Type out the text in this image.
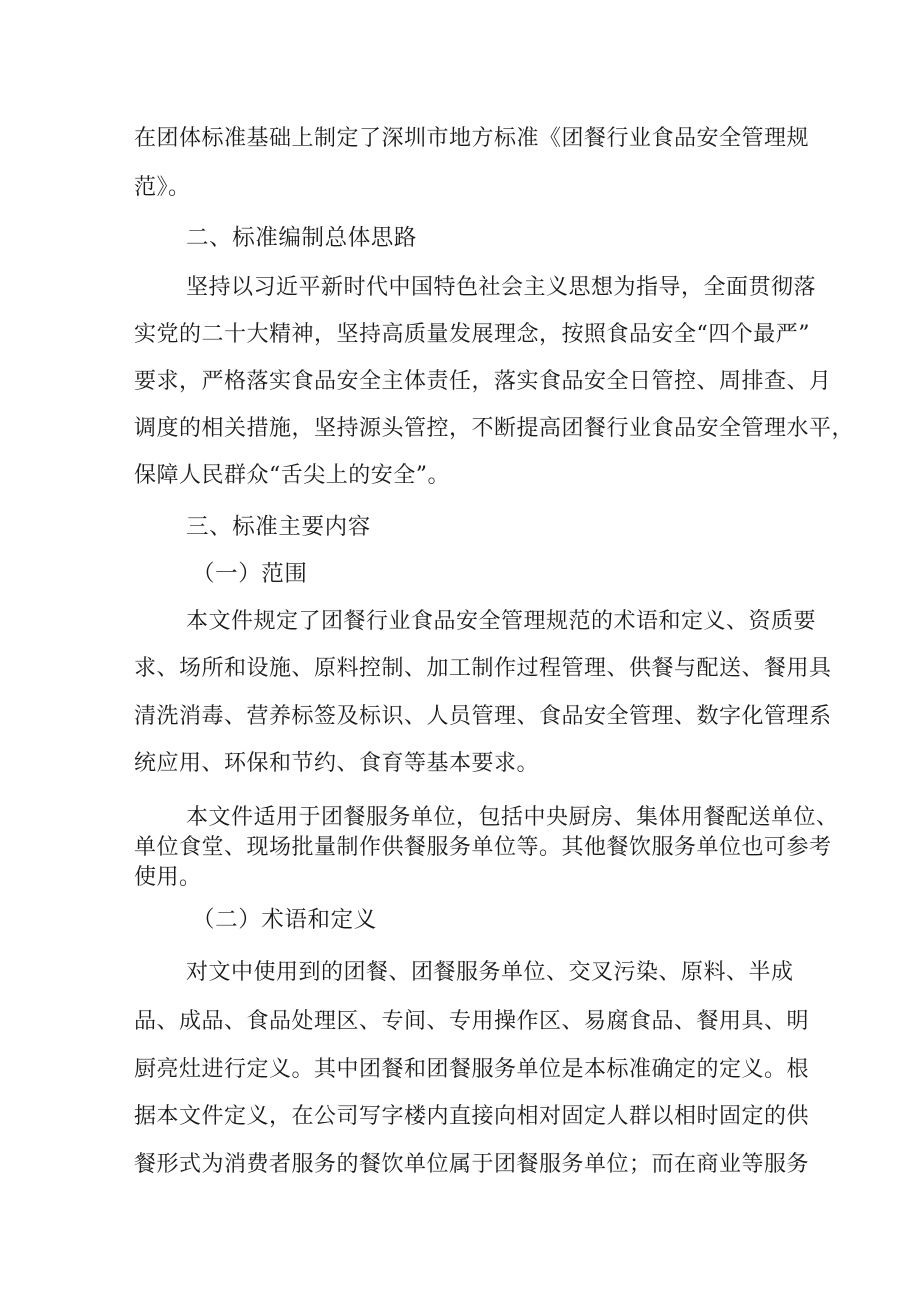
在团体标准基础上制定了深圳市地方标准《团餐行业食品安全管理规
范》。
二、标准编制总体思路
坚持以习近平新时代中国特色社会主义思想为指导，全面贯彻落
实党的二十大精神，坚持高质量发展理念，按照食品安全“四个最严”
要求，严格落实食品安全主体责任，落实食品安全日管控、周排查、月
调度的相关措施，坚持源头管控，不断提高团餐行业食品安全管理水平，
保障人民群众“舌尖上的安全”。
三、标准主要内容
（一）范围
本文件规定了团餐行业食品安全管理规范的术语和定义、资质要
求、场所和设施、原料控制、加工制作过程管理、供餐与配送、餐用具
清洗消毒、营养标签及标识、人员管理、食品安全管理、数字化管理系
统应用、环保和节约、食育等基本要求。
本文件适用于团餐服务单位，包括中央厨房、集体用餐配送单位、
单位食堂、现场批量制作供餐服务单位等。其他餐饮服务单位也可参考
使用。
（二）术语和定义
对文中使用到的团餐、团餐服务单位、交叉污染、原料、半成
品、成品、食品处理区、专间、专用操作区、易腐食品、餐用具、明
厨亮灶进行定义。其中团餐和团餐服务单位是本标准确定的定义。根
据本文件定义，在公司写字楼内直接向相对固定人群以相时固定的供
餐形式为消费者服务的餐饮单位属于团餐服务单位；而在商业等服务
